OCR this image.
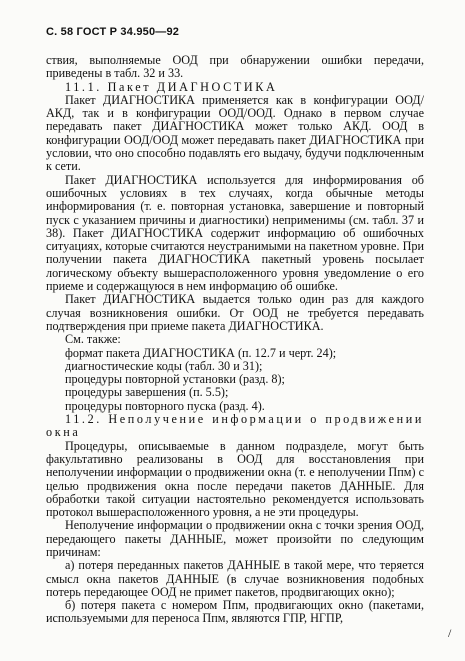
С. 58 ГОСТ Р 34.950—92

ствия, выполняемые ООД при обнаружении ошибки передачи, приведены в табл. 32 и 33.

11.1. Пакет ДИАГНОСТИКА

Пакет ДИАГНОСТИКА применяется как в конфигурации ООД/АКД, так и в конфигурации ООД/ООД. Однако в первом случае передавать пакет ДИАГНОСТИКА может только АКД. ООД в конфигурации ООД/ООД может передавать пакет ДИАГНОСТИКА при условии, что оно способно подавлять его выдачу, будучи подключенным к сети.

Пакет ДИАГНОСТИКА используется для информирования об ошибочных условиях в тех случаях, когда обычные методы информирования (т. е. повторная установка, завершение и повторный пуск с указанием причины и диагностики) неприменимы (см. табл. 37 и 38). Пакет ДИАГНОСТИКА содержит информацию об ошибочных ситуациях, которые считаются неустранимыми на пакетном уровне. При получении пакета ДИАГНОСТИКА пакетный уровень посылает логическому объекту вышерасположенного уровня уведомление о его приеме и содержащуюся в нем информацию об ошибке.

Пакет ДИАГНОСТИКА выдается только один раз для каждого случая возникновения ошибки. От ООД не требуется передавать подтверждения при приеме пакета ДИАГНОСТИКА.

См. также:

формат пакета ДИАГНОСТИКА (п. 12.7 и черт. 24);

диагностические коды (табл. 30 и 31);

процедуры повторной установки (разд. 8);

процедуры завершения (п. 5.5);

процедуры повторного пуска (разд. 4).

11.2. Неполучение информации о продвижении окна

Процедуры, описываемые в данном подразделе, могут быть факультативно реализованы в ООД для восстановления при неполучении информации о продвижении окна (т. е неполучении Ппм) с целью продвижения окна после передачи пакетов ДАННЫЕ. Для обработки такой ситуации настоятельно рекомендуется использовать протокол вышерасположенного уровня, а не эти процедуры.

Неполучение информации о продвижении окна с точки зрения ООД, передающего пакеты ДАННЫЕ, может произойти по следующим причинам:

а) потеря переданных пакетов ДАННЫЕ в такой мере, что теряется смысл окна пакетов ДАННЫЕ (в случае возникновения подобных потерь передающее ООД не примет пакетов, продвигающих окно);

б) потеря пакета с номером Ппм, продвигающих окно (пакетами, используемыми для переноса Ппм, являются ГПР, НГПР,

/
